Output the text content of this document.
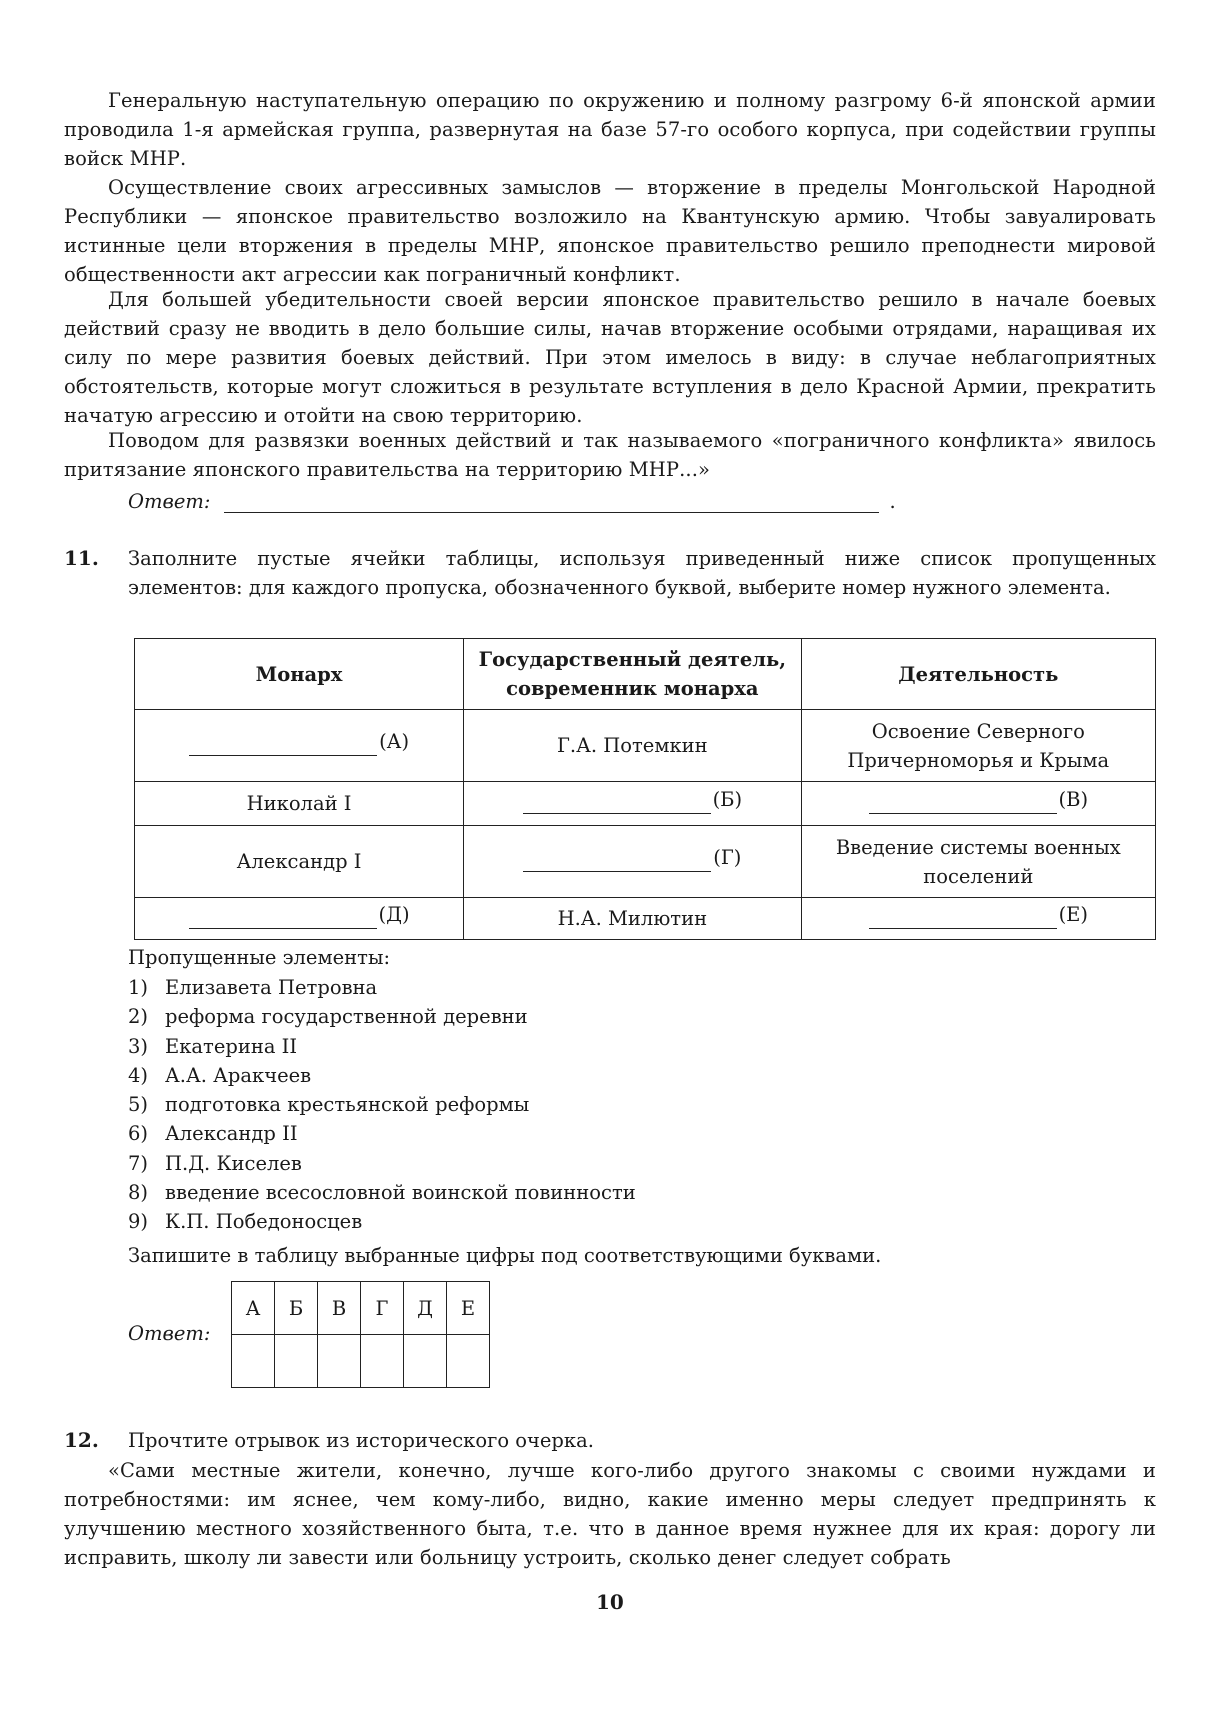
Генеральную наступательную операцию по окружению и полному разгрому 6-й японской армии проводила 1-я армейская группа, развернутая на базе 57-го особого корпуса, при содействии группы войск МНР.
Осуществление своих агрессивных замыслов — вторжение в пределы Монгольской Народной Республики — японское правительство возложило на Квантунскую армию. Чтобы завуалировать истинные цели вторжения в пределы МНР, японское правительство решило преподнести мировой общественности акт агрессии как пограничный конфликт.
Для большей убедительности своей версии японское правительство решило в начале боевых действий сразу не вводить в дело большие силы, начав вторжение особыми отрядами, наращивая их силу по мере развития боевых действий. При этом имелось в виду: в случае неблагоприятных обстоятельств, которые могут сложиться в результате вступления в дело Красной Армии, прекратить начатую агрессию и отойти на свою территорию.
Поводом для развязки военных действий и так называемого «пограничного конфликта» явилось притязание японского правительства на территорию МНР...»
Ответ:	.
11. Заполните пустые ячейки таблицы, используя приведенный ниже список пропущенных элементов: для каждого пропуска, обозначенного буквой, выберите номер нужного элемента.
Монарх	Государственный деятель, современник монарха	Деятельность

(А)	Г.А. Потемкин	Освоение Северного Причерноморья и Крыма
Николай I	(Б)	(В)

Александр I	(Г)	Введение системы военных поселений

(Д)	Н.А. Милютин	(Е)
Пропущенные элементы:
1) Елизавета Петровна
2) реформа государственной деревни
3) Екатерина II
4) А.А. Аракчеев
5) подготовка крестьянской реформы
6) Александр II
7) П.Д. Киселев
8) введение всесословной воинской повинности
9) К.П. Победоносцев
Запишите в таблицу выбранные цифры под соответствующими буквами.
Ответ:
А	Б	В	Г	Д	Е

12. Прочтите отрывок из исторического очерка.
«Сами местные жители, конечно, лучше кого-либо другого знакомы с своими нуждами и потребностями: им яснее, чем кому-либо, видно, какие именно меры следует предпринять к улучшению местного хозяйственного быта, т.е. что в данное время нужнее для их края: дорогу ли исправить, школу ли завести или больницу устроить, сколько денег следует собрать
10
